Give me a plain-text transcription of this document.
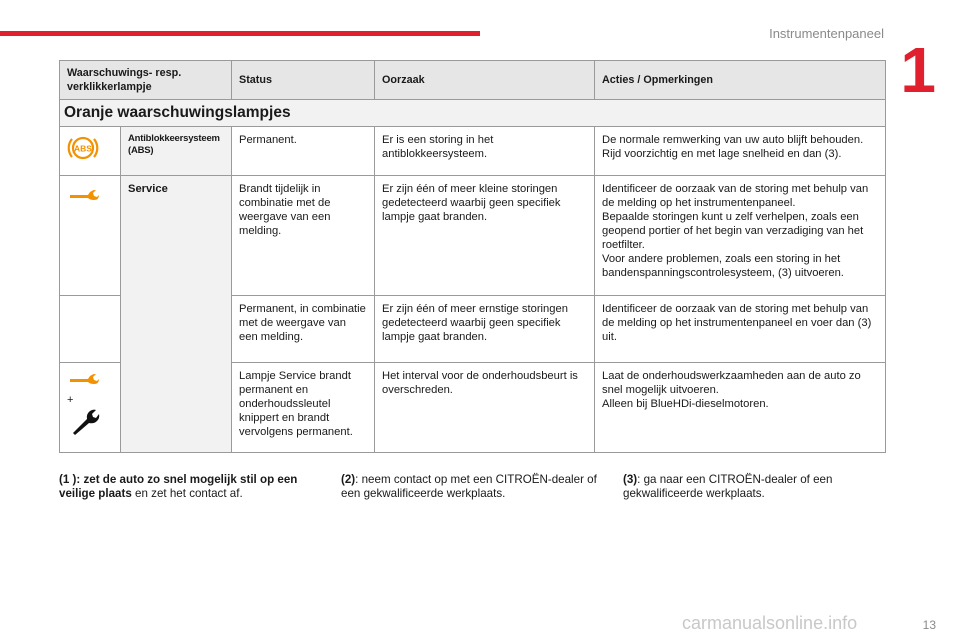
Instrumentenpaneel
1
Waarschuwings- resp. verklikkerlampje		Status	Oorzaak	Acties / Opmerkingen
Oranje waarschuwingslampjes				

ABS	Antiblokkeersysteem (ABS)	Permanent.	Er is een storing in het antiblokkeersysteem.	De normale remwerking van uw auto blijft behouden. Rijd voorzichtig en met lage snelheid en dan (3).
	Service	Brandt tijdelijk in combinatie met de weergave van een melding.	Er zijn één of meer kleine storingen gedetecteerd waarbij geen specifiek lampje gaat branden.	Identificeer de oorzaak van de storing met behulp van de melding op het instrumentenpaneel.
Bepaalde storingen kunt u zelf verhelpen, zoals een geopend portier of het begin van verzadiging van het roetfilter.
Voor andere problemen, zoals een storing in het bandenspanningscontrolesysteem, (3) uitvoeren.

		Permanent, in combinatie met de weergave van een melding.	Er zijn één of meer ernstige storingen gedetecteerd waarbij geen specifiek lampje gaat branden.	Identificeer de oorzaak van de storing met behulp van de melding op het instrumentenpaneel en voer dan (3) uit.

+		Lampje Service brandt permanent en onderhoudssleutel knippert en brandt vervolgens permanent.	Het interval voor de onderhoudsbeurt is overschreden.	Laat de onderhoudswerkzaamheden aan de auto zo snel mogelijk uitvoeren.
Alleen bij BlueHDi-dieselmotoren.
(1 ): zet de auto zo snel mogelijk stil op een veilige plaats en zet het contact af.
(2): neem contact op met een CITROËN-dealer of een gekwalificeerde werkplaats.
(3): ga naar een CITROËN-dealer of een gekwalificeerde werkplaats.
carmanualsonline.info	13
